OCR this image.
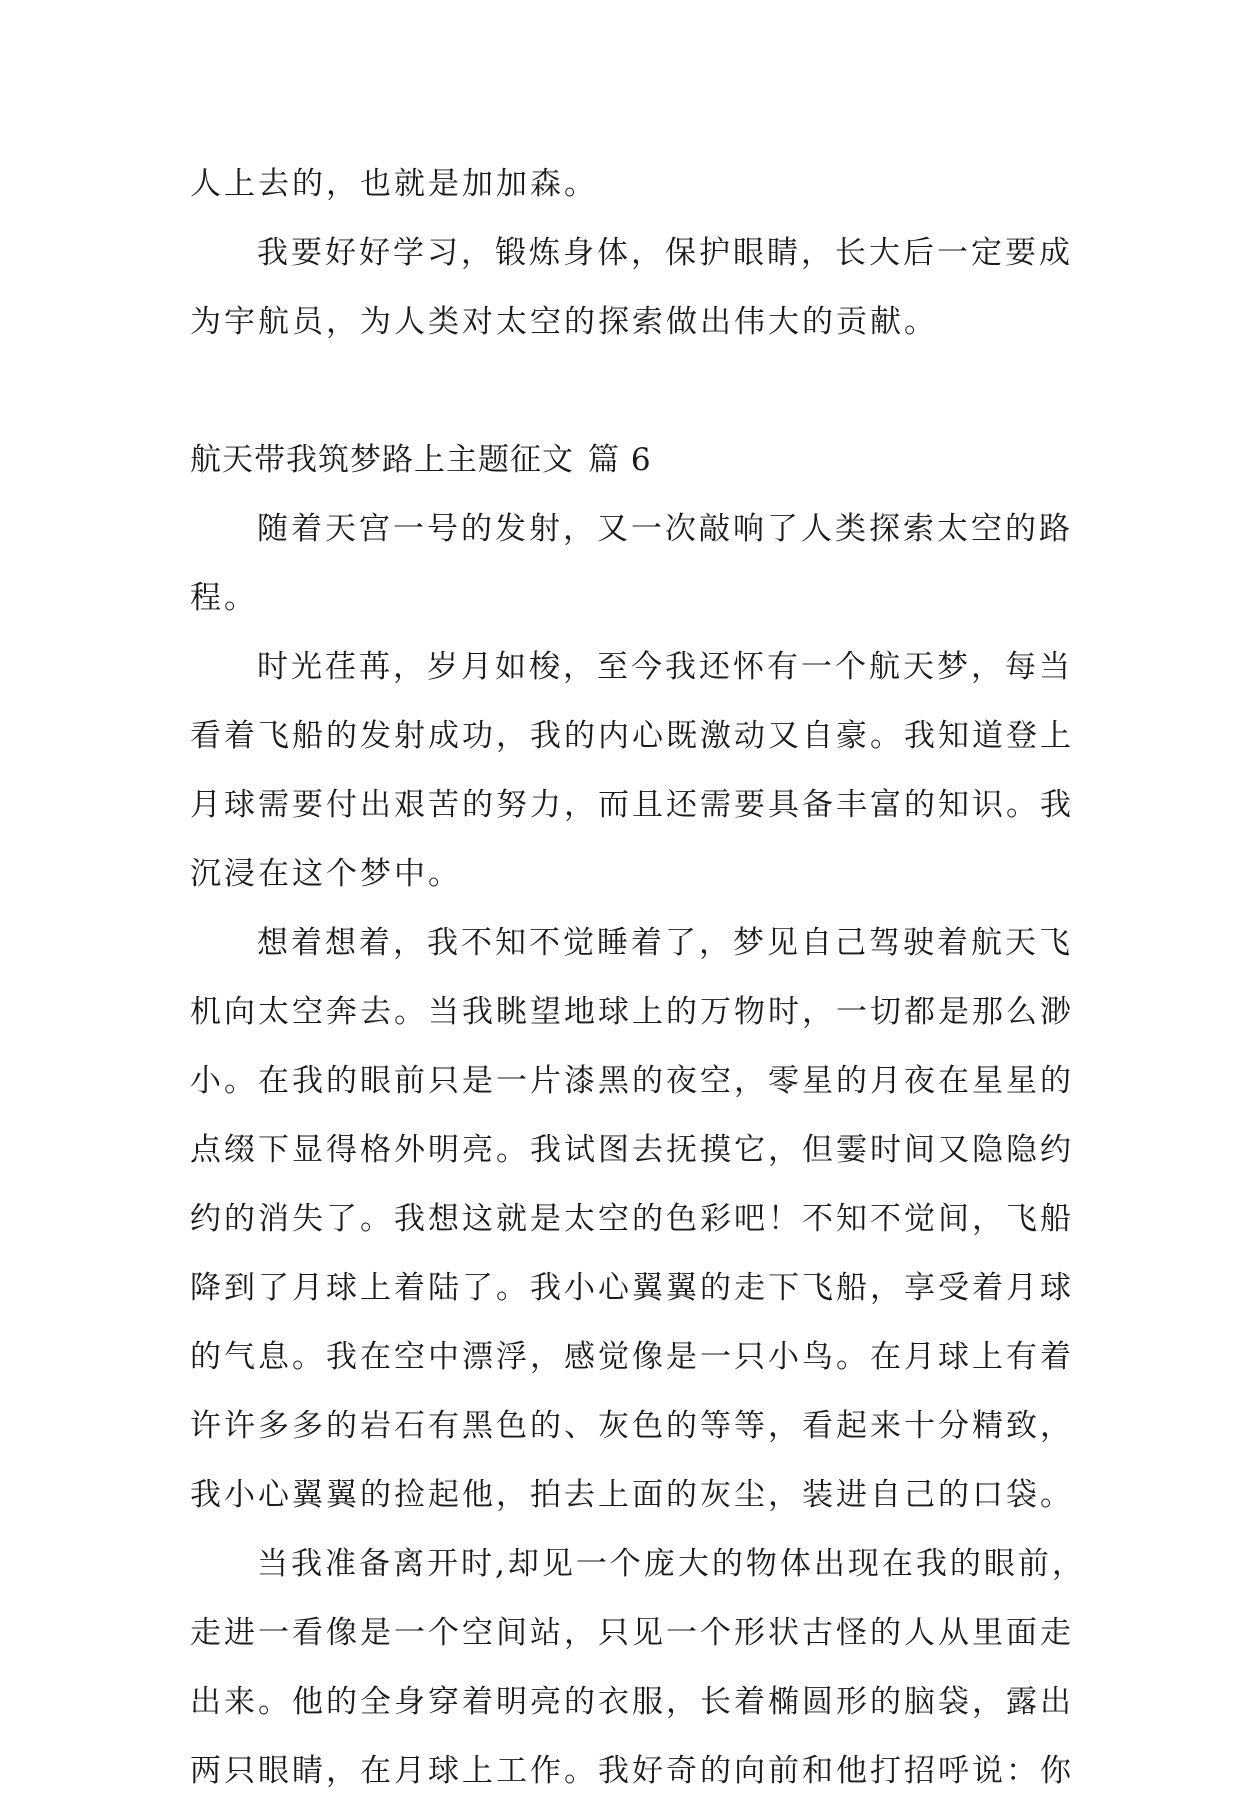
人上去的，也就是加加森。
我要好好学习，锻炼身体，保护眼睛，长大后一定要成
为宇航员，为人类对太空的探索做出伟大的贡献。
航天带我筑梦路上主题征文 篇 6
随着天宫一号的发射，又一次敲响了人类探索太空的路
程。
时光荏苒，岁月如梭，至今我还怀有一个航天梦，每当
看着飞船的发射成功，我的内心既激动又自豪。我知道登上
月球需要付出艰苦的努力，而且还需要具备丰富的知识。我
沉浸在这个梦中。
想着想着，我不知不觉睡着了，梦见自己驾驶着航天飞
机向太空奔去。当我眺望地球上的万物时，一切都是那么渺
小。在我的眼前只是一片漆黑的夜空，零星的月夜在星星的
点缀下显得格外明亮。我试图去抚摸它，但霎时间又隐隐约
约的消失了。我想这就是太空的色彩吧！不知不觉间，飞船
降到了月球上着陆了。我小心翼翼的走下飞船，享受着月球
的气息。我在空中漂浮，感觉像是一只小鸟。在月球上有着
许许多多的岩石有黑色的、灰色的等等，看起来十分精致，
我小心翼翼的捡起他，拍去上面的灰尘，装进自己的口袋。
当我准备离开时,却见一个庞大的物体出现在我的眼前，
走进一看像是一个空间站，只见一个形状古怪的人从里面走
出来。他的全身穿着明亮的衣服，长着椭圆形的脑袋，露出
两只眼睛，在月球上工作。我好奇的向前和他打招呼说：你
